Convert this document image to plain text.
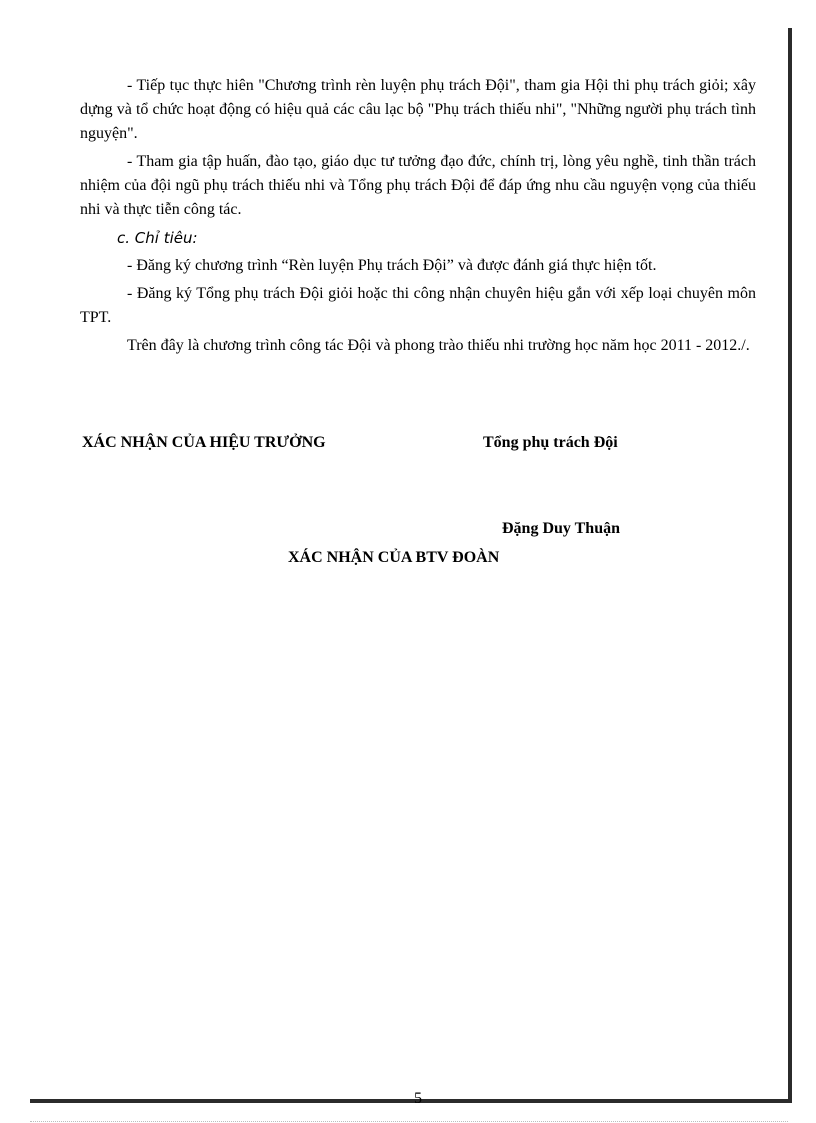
- Tiếp tục thực hiên "Chương trình rèn luyện phụ trách Đội", tham gia Hội thi phụ trách giỏi; xây dựng và tổ chức hoạt động có hiệu quả các câu lạc bộ "Phụ trách thiếu nhi", "Những người phụ trách tình nguyện".

- Tham gia tập huấn, đào tạo, giáo dục tư tưởng đạo đức, chính trị, lòng yêu nghề, tinh thần trách nhiệm của đội ngũ phụ trách thiếu nhi và Tổng phụ trách Đội để đáp ứng nhu cầu nguyện vọng của thiếu nhi và thực tiễn công tác.

c. Chỉ tiêu:

- Đăng ký chương trình “Rèn luyện Phụ trách Đội” và được đánh giá thực hiện tốt.

- Đăng ký Tổng phụ trách Đội giỏi hoặc thi công nhận chuyên hiệu gắn với xếp loại chuyên môn TPT.

Trên đây là chương trình công tác Đội và phong trào thiếu nhi trường học năm học 2011 - 2012./.

XÁC NHẬN CỦA HIỆU TRƯỞNG	Tổng phụ trách Đội

Đặng Duy Thuận

XÁC NHẬN CỦA BTV ĐOÀN

5
